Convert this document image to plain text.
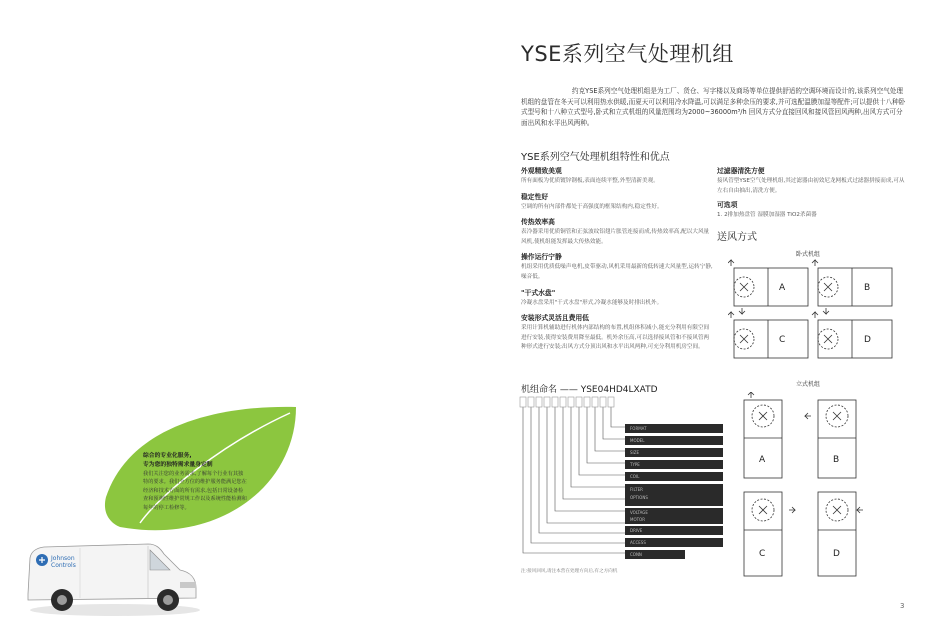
YSE系列空气处理机组
约克YSE系列空气处理机组是为工厂、货仓、写字楼以及商场等单位提供舒适的空调环境而设计的,该系列空气处理机组的盘管在冬天可以利用热水供暖,而夏天可以利用冷水降温,可以满足多种余压的要求,并可选配温膜加湿等配件;可以提供十八种卧式型号和十八种立式型号,卧式和立式机组的风量范围均为2000~36000m³/h 回风方式分直接回风和接风管回风两种,出风方式可分面出风和水平出风两种。
YSE系列空气处理机组特性和优点
外观精致美观
所有面板为优质镀锌钢板,表面连续平整,外型清新美观。
稳定性好
空调的所有内部件都处于高强度的框架结构内,稳定性好。
传热效率高
表冷器采用优质铜管和正弦波纹铝翅片胀管连接而成,传热效率高,配以大风量风机,使机组能发挥最大传热效能。
操作运行宁静
机组采用优质低噪声电机,皮带驱动,风机采用最新的低转速大风量型,运转宁静,噪音低。
"干式水盘"
冷凝水盘采用"干式水盘"形式,冷凝水能够及时排出机外。
安装形式灵活且费用低
采用计算机辅助进行机体内部结构的布置,机组体积减小,能充分利用有限空间进行安装,使得安装费用降至最低。机外余压高,可以选择接风管和不接风管两种形式进行安装;出风方式分顶出风和水平出风两种,可充分利用机房空间。
过滤器清洗方便
接风管型YSE空气处理机组,其过滤器由初效尼龙网板式过滤器拼接而成,可从左右自由抽出,清洗方便。
可选项
1. 2排加热盘管 湿膜加湿器 TiO2杀菌器
送风方式
卧式机组
立式机组
A	B
C	D
A	B
C	D
机组命名 —— YSE04HD4LXATD
FORMAT
MODEL
SIZE
TYPE
COIL
FILTER
OPTIONS
VOLTAGE
MOTOR
DRIVE
ACCESS
CONN
注:接风回风,请注本营在处理方向后,有之方向机
3
综合的专业化服务,
专为您的独特需求量身定制
我们关注您的业务需求,了解每个行业有其独特的要求。我们全方位的维护服务能满足您在经济和技术方面的所有需求,包括日常设备检查和预测性维护常规工作以及系统性能检测和每年的停工检修等。
Johnson
Controls
